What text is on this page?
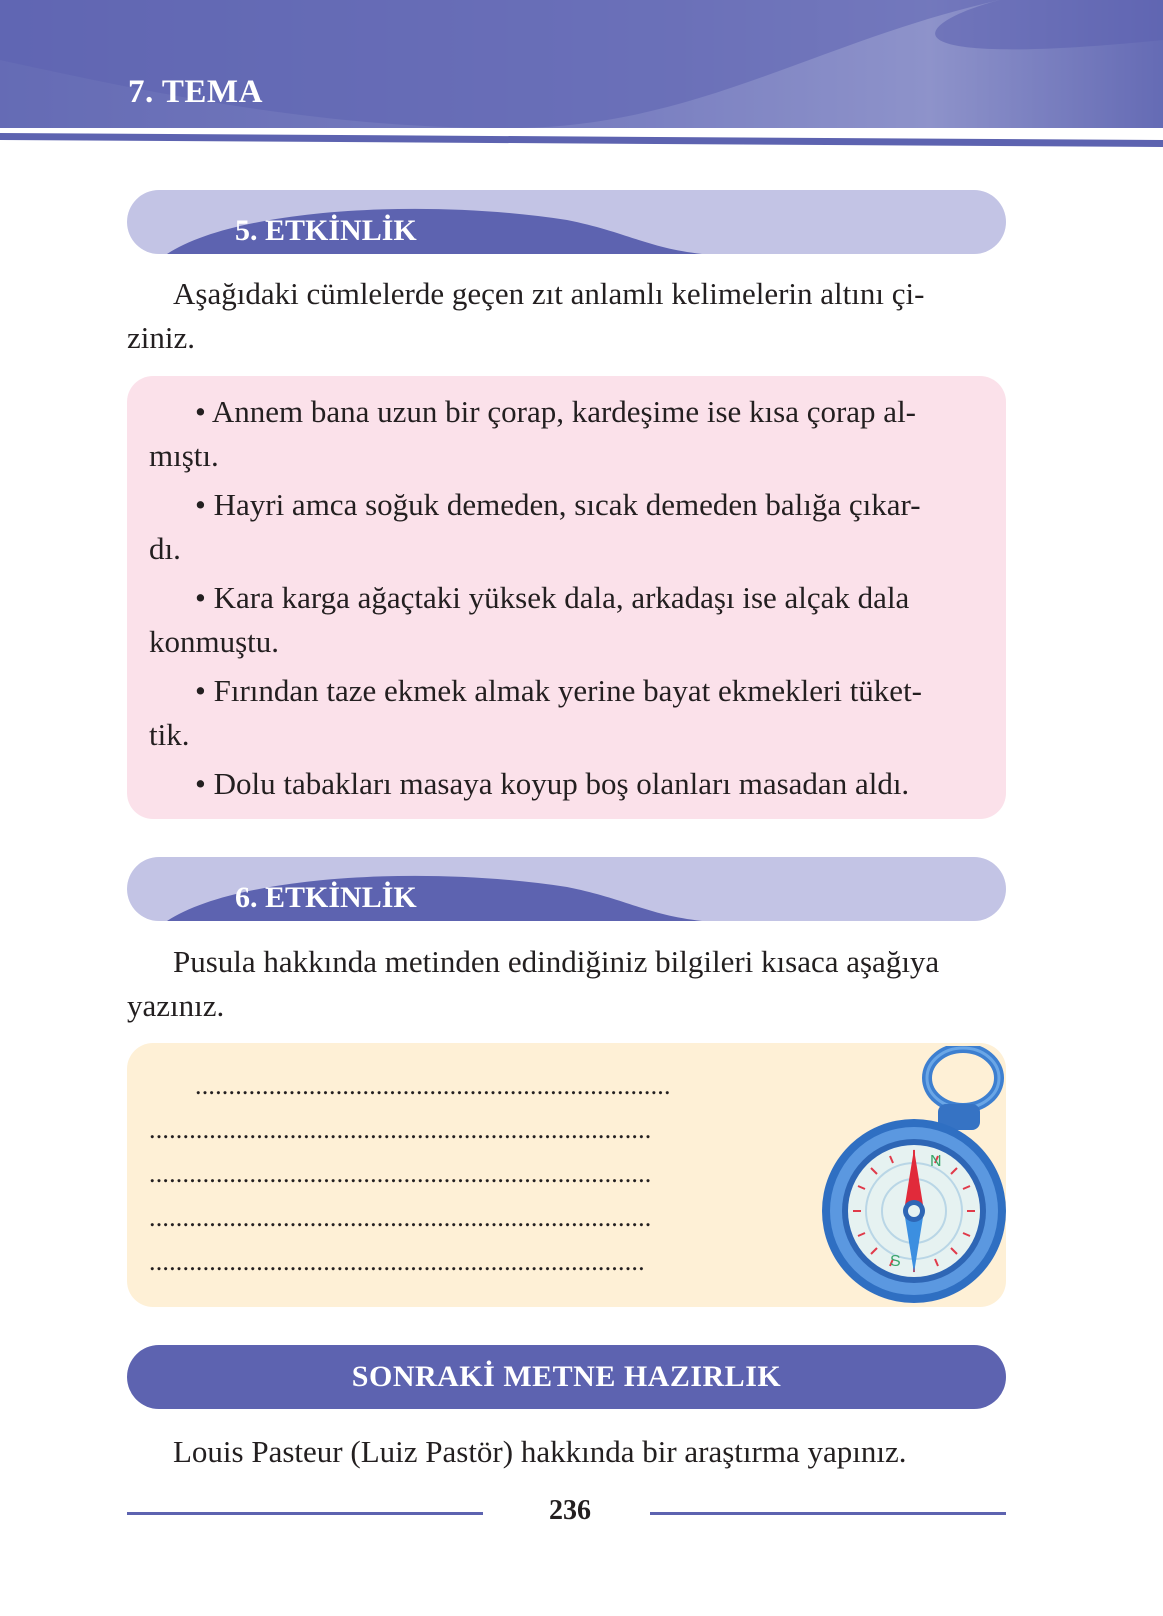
7. TEMA
5. ETKİNLİK

Aşağıdaki cümlelerde geçen zıt anlamlı kelimelerin altını çi-
ziniz.

• Annem bana uzun bir çorap, kardeşime ise kısa çorap al-
mıştı.

• Hayri amca soğuk demeden, sıcak demeden balığa çıkar-
dı.

• Kara karga ağaçtaki yüksek dala, arkadaşı ise alçak dala
konmuştu.

• Fırından taze ekmek almak yerine bayat ekmekleri tüket-
tik.

• Dolu tabakları masaya koyup boş olanları masadan aldı.

6. ETKİNLİK

Pusula hakkında metinden edindiğiniz bilgileri kısaca aşağıya
yazınız.

.......................................................................
...........................................................................
...........................................................................
...........................................................................
..........................................................................
N
S
SONRAKİ METNE HAZIRLIK

Louis Pasteur (Luiz Pastör) hakkında bir araştırma yapınız.

236
